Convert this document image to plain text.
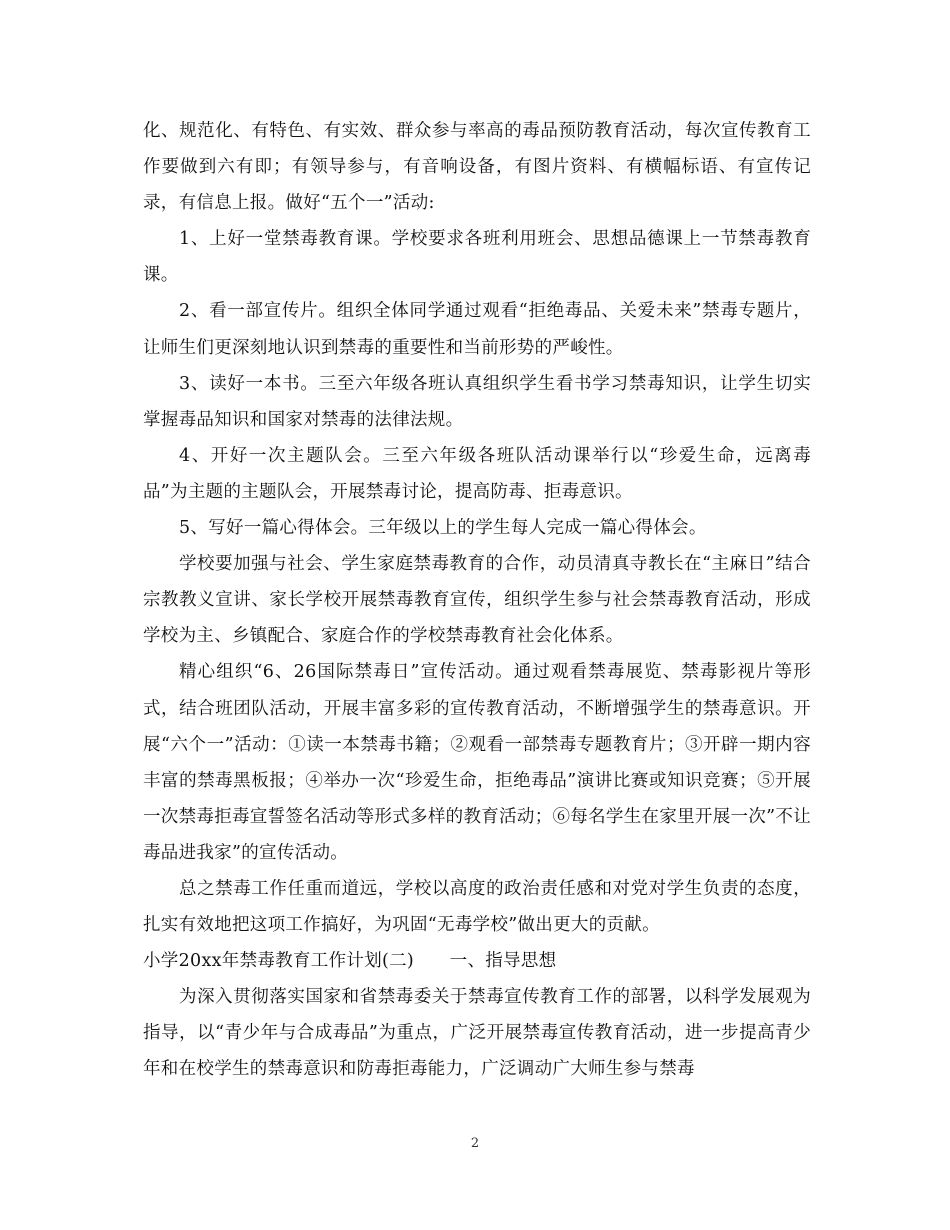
化、规范化、有特色、有实效、群众参与率高的毒品预防教育活动，每次宣传教育工作要做到六有即；有领导参与，有音响设备，有图片资料、有横幅标语、有宣传记录，有信息上报。做好“五个一”活动:

1、上好一堂禁毒教育课。学校要求各班利用班会、思想品德课上一节禁毒教育课。

2、看一部宣传片。组织全体同学通过观看“拒绝毒品、关爱未来”禁毒专题片，让师生们更深刻地认识到禁毒的重要性和当前形势的严峻性。

3、读好一本书。三至六年级各班认真组织学生看书学习禁毒知识，让学生切实掌握毒品知识和国家对禁毒的法律法规。

4、开好一次主题队会。三至六年级各班队活动课举行以“珍爱生命，远离毒品”为主题的主题队会，开展禁毒讨论，提高防毒、拒毒意识。

5、写好一篇心得体会。三年级以上的学生每人完成一篇心得体会。

学校要加强与社会、学生家庭禁毒教育的合作，动员清真寺教长在“主麻日”结合宗教教义宣讲、家长学校开展禁毒教育宣传，组织学生参与社会禁毒教育活动，形成学校为主、乡镇配合、家庭合作的学校禁毒教育社会化体系。

精心组织“6、26国际禁毒日”宣传活动。通过观看禁毒展览、禁毒影视片等形式，结合班团队活动，开展丰富多彩的宣传教育活动，不断增强学生的禁毒意识。开展“六个一”活动：①读一本禁毒书籍；②观看一部禁毒专题教育片；③开辟一期内容丰富的禁毒黑板报；④举办一次“珍爱生命，拒绝毒品”演讲比赛或知识竞赛；⑤开展一次禁毒拒毒宣誓签名活动等形式多样的教育活动；⑥每名学生在家里开展一次”不让毒品进我家”的宣传活动。

总之禁毒工作任重而道远，学校以高度的政治责任感和对党对学生负责的态度，扎实有效地把这项工作搞好，为巩固“无毒学校”做出更大的贡献。

小学20xx年禁毒教育工作计划(二)　　一、指导思想

为深入贯彻落实国家和省禁毒委关于禁毒宣传教育工作的部署，以科学发展观为指导，以“青少年与合成毒品”为重点，广泛开展禁毒宣传教育活动，进一步提高青少年和在校学生的禁毒意识和防毒拒毒能力，广泛调动广大师生参与禁毒

2
